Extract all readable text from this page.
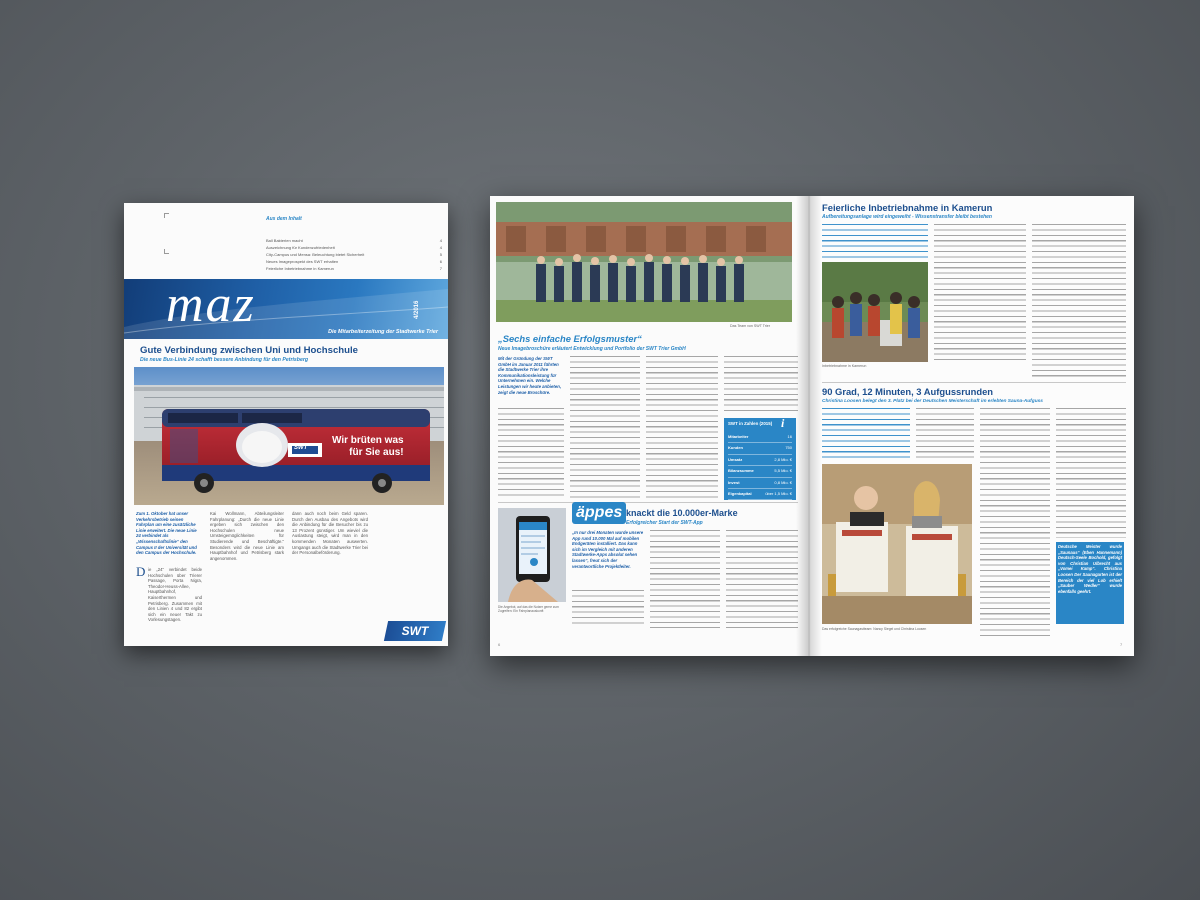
Aus dem Inhalt
Ball Bakterien macht	4
Auszeichnung für Kundenzufriedenheit	4
City-Campus und Mensa: Beleuchtung bietet Sicherheit	5
Neues Imageprospekt des SWT erhalten	6
Feierliche Inbetriebnahme in Kamerun	7
maz	4/2016
Die Mitarbeiterzeitung der Stadtwerke Trier
Gute Verbindung zwischen Uni und Hochschule
Die neue Bus-Linie 24 schafft bessere Anbindung für den Petrisberg
Wir brüten was
für Sie aus!
SWT
Zum 1. Oktober hat unser Verkehrsbetrieb seinen Fahrplan um eine zusätzliche Linie erweitert. Die neue Linie 24 verbindet als „Wissenschaftslinie“ den Campus II der Universität und den Campus der Hochschule.
D ie „24“ verbindet beide Hochschulen über Trierer Passage, Porta Nigra, Theodor-Heuss-Allee, Hauptbahnhof, Kaiserthermen und Petrisberg. Zusammen mit den Linien 4 und 82 ergibt sich ein neuer Takt zu Vorlesungstagen.
Kai Wollmann, Abteilungsleiter Fahrplanung: „Durch die neue Linie ergeben sich zwischen den Hochschulen neue Umsteigemöglichkeiten für Studierende und Beschäftigte.“ Besonders wird die neue Linie am Hauptbahnhof und Petrisberg stark angenommen.
dann auch noch beim Geld sparen. Durch den Ausbau des Angebots wird die Anbindung für die Besucher bis zu 13 Prozent günstiger. Um wieviel die Auslastung steigt, wird man in den kommenden Monaten auswerten. Umgangs auch die Stadtwerke Trier bei der Personalbeförderung.
SWT
Das Team von SWT Trier
„Sechs einfache Erfolgsmuster“
Neue Imagebroschüre erläutert Entwicklung und Portfolio der SWT Trier GmbH
Mit der Gründung der SWT GmbH im Januar 2011 führten die Stadtwerke Trier ihre Kommunikationsleistung für Unternehmen ein. Welche Leistungen wir heute anbieten, zeigt die neue Broschüre.
SWT in Zahlen (2015) i
Mitarbeiter	16
Kunden	750
Umsatz	2,8 Mio. €
Bilanzsumme	5,5 Mio. €
Invest	0,8 Mio. €
Eigenkapital	über 1,5 Mio. €
Die Angebot, auf das die Nutzer gerne zum Zugreifen: Ein Fahrplanauskunft
äppes knackt die 10.000er-Marke
Erfolgreicher Start der SWT-App
„In nur drei Monaten wurde unsere App rund 10.000 Mal auf mobilen Endgeräten installiert. Das kann sich im Vergleich mit anderen Stadtwerke-Apps absolut sehen lassen“, freut sich der verantwortliche Projektleiter.
6
Feierliche Inbetriebnahme in Kamerun
Aufbereitungsanlage wird eingeweiht - Wissenstransfer bleibt bestehen
Inbetriebnahme in Kamerun
90 Grad, 12 Minuten, 3 Aufgussrunden
Christina Loosen belegt den 3. Platz bei der Deutschen Meisterschaft im erlebten Sauna-Aufguss
Das erfolgreiche Saunagastteam: Nancy Siegel und Christina Loosen
Deutsche Meister wurde „Saunaus“ (Eben Hannemann) Deutsch-Seele Bochold, gefolgt von Christian Ulbrecht aus „Vomei Kamp“. Christina Loosen Der Saunagarten ist der Bereich der viel Lob erhielt „Sauber Wedler“ wurde ebenfalls geehrt.
7
